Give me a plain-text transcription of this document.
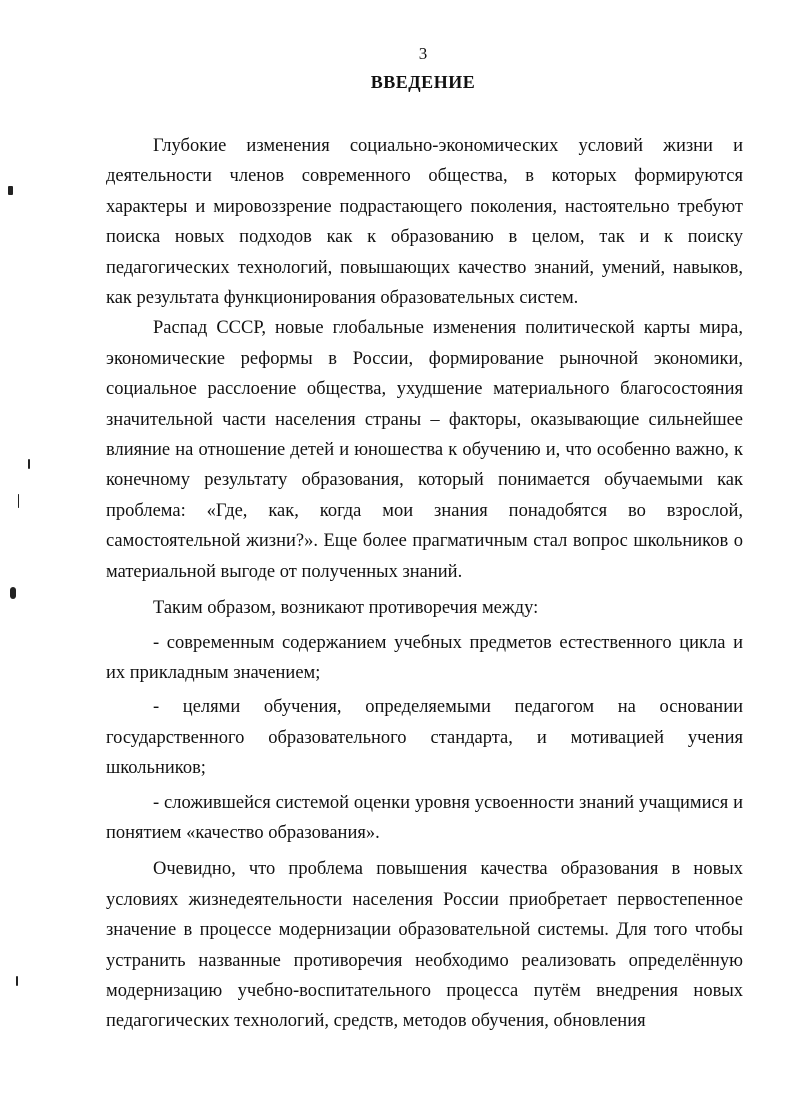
3
ВВЕДЕНИЕ

Глубокие изменения социально-экономических условий жизни и деятельности членов современного общества, в которых формируются характеры и мировоззрение подрастающего поколения, настоятельно требуют поиска новых подходов как к образованию в целом, так и к поиску педагогических технологий, повышающих качество знаний, умений, навыков, как результата функционирования образовательных систем.

Распад СССР, новые глобальные изменения политической карты мира, экономические реформы в России, формирование рыночной экономики, социальное расслоение общества, ухудшение материального благосостояния значительной части населения страны – факторы, оказывающие сильнейшее влияние на отношение детей и юношества к обучению и, что особенно важно, к конечному результату образования, который понимается обучаемыми как проблема: «Где, как, когда мои знания понадобятся во взрослой, самостоятельной жизни?». Еще более прагматичным стал вопрос школьников о материальной выгоде от полученных знаний.

Таким образом, возникают противоречия между:

- современным содержанием учебных предметов естественного цикла и их прикладным значением;

- целями обучения, определяемыми педагогом на основании государственного образовательного стандарта, и мотивацией учения школьников;

- сложившейся системой оценки уровня усвоенности знаний учащимися и понятием «качество образования».

Очевидно, что проблема повышения качества образования в новых условиях жизнедеятельности населения России приобретает первостепенное значение в процессе модернизации образовательной системы. Для того чтобы устранить названные противоречия необходимо реализовать определённую модернизацию учебно-воспитательного процесса путём внедрения новых педагогических технологий, средств, методов обучения, обновления
